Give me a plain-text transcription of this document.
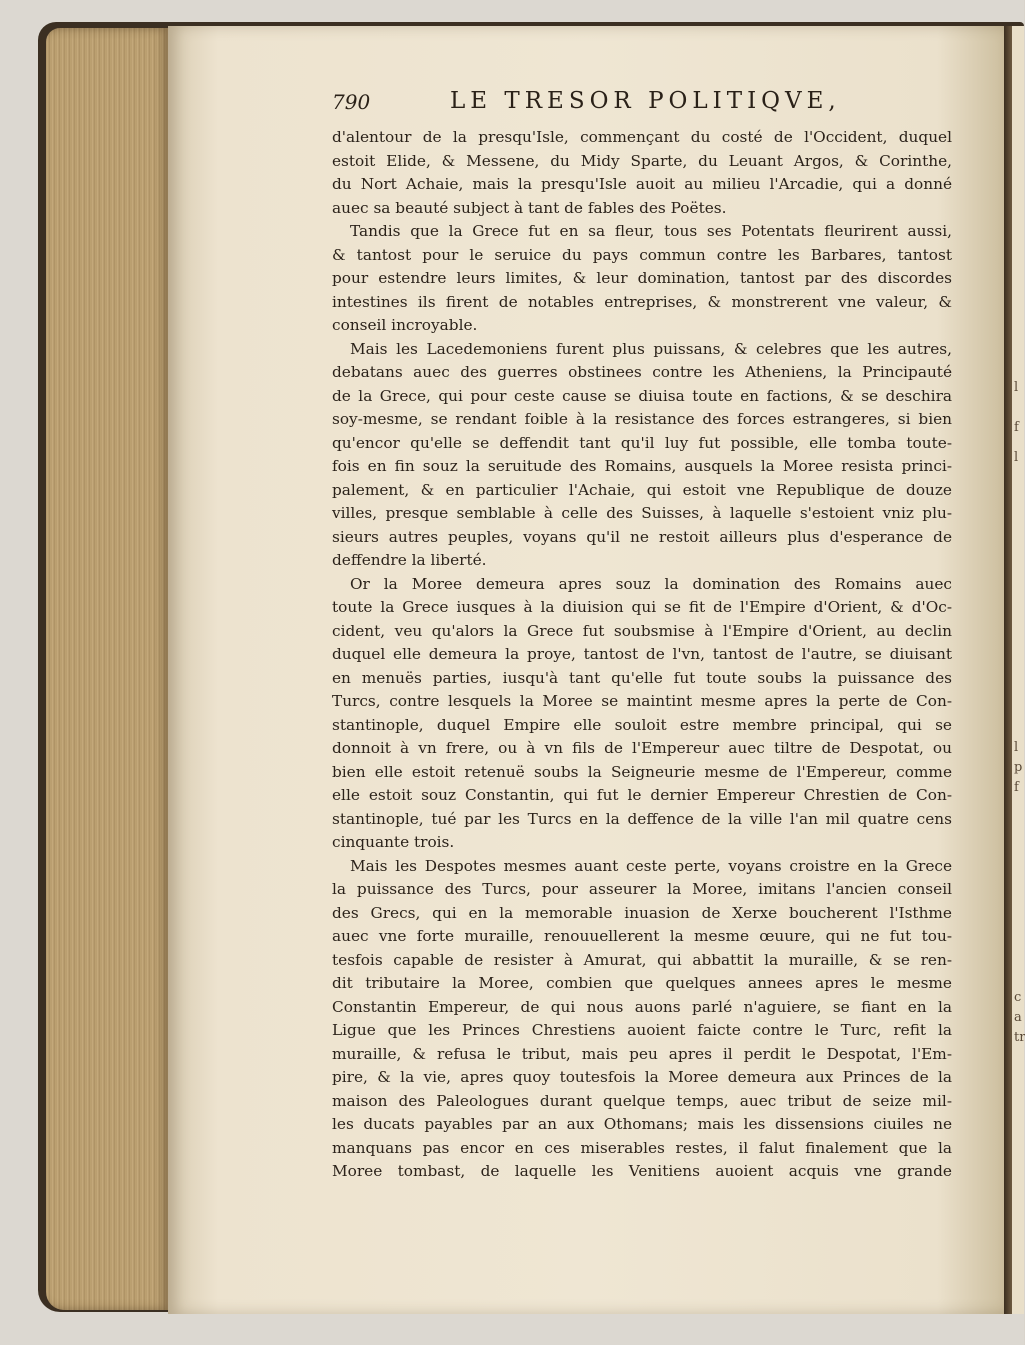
790	LE TRESOR POLITIQVE,
d'alentour de la presqu'Isle, commençant du costé de l'Occident, duquel
estoit Elide, & Messene, du Midy Sparte, du Leuant Argos, & Corinthe,
du Nort Achaie, mais la presqu'Isle auoit au milieu l'Arcadie, qui a donné
auec sa beauté subject à tant de fables des Poëtes.
Tandis que la Grece fut en sa fleur, tous ses Potentats fleurirent aussi,
& tantost pour le seruice du pays commun contre les Barbares, tantost
pour estendre leurs limites, & leur domination, tantost par des discordes
intestines ils firent de notables entreprises, & monstrerent vne valeur, &
conseil incroyable.
Mais les Lacedemoniens furent plus puissans, & celebres que les autres,
debatans auec des guerres obstinees contre les Atheniens, la Principauté
de la Grece, qui pour ceste cause se diuisa toute en factions, & se deschira
soy-mesme, se rendant foible à la resistance des forces estrangeres, si bien
qu'encor qu'elle se deffendit tant qu'il luy fut possible, elle tomba toute-
fois en fin souz la seruitude des Romains, ausquels la Moree resista princi-
palement, & en particulier l'Achaie, qui estoit vne Republique de douze
villes, presque semblable à celle des Suisses, à laquelle s'estoient vniz plu-
sieurs autres peuples, voyans qu'il ne restoit ailleurs plus d'esperance de
deffendre la liberté.
Or la Moree demeura apres souz la domination des Romains auec
toute la Grece iusques à la diuision qui se fit de l'Empire d'Orient, & d'Oc-
cident, veu qu'alors la Grece fut soubsmise à l'Empire d'Orient, au declin
duquel elle demeura la proye, tantost de l'vn, tantost de l'autre, se diuisant
en menuës parties, iusqu'à tant qu'elle fut toute soubs la puissance des
Turcs, contre lesquels la Moree se maintint mesme apres la perte de Con-
stantinople, duquel Empire elle souloit estre membre principal, qui se
donnoit à vn frere, ou à vn fils de l'Empereur auec tiltre de Despotat, ou
bien elle estoit retenuë soubs la Seigneurie mesme de l'Empereur, comme
elle estoit souz Constantin, qui fut le dernier Empereur Chrestien de Con-
stantinople, tué par les Turcs en la deffence de la ville l'an mil quatre cens
cinquante trois.
Mais les Despotes mesmes auant ceste perte, voyans croistre en la Grece
la puissance des Turcs, pour asseurer la Moree, imitans l'ancien conseil
des Grecs, qui en la memorable inuasion de Xerxe boucherent l'Isthme
auec vne forte muraille, renouuellerent la mesme œuure, qui ne fut tou-
tesfois capable de resister à Amurat, qui abbattit la muraille, & se ren-
dit tributaire la Moree, combien que quelques annees apres le mesme
Constantin Empereur, de qui nous auons parlé n'aguiere, se fiant en la
Ligue que les Princes Chrestiens auoient faicte contre le Turc, refit la
muraille, & refusa le tribut, mais peu apres il perdit le Despotat, l'Em-
pire, & la vie, apres quoy toutesfois la Moree demeura aux Princes de la
maison des Paleologues durant quelque temps, auec tribut de seize mil-
les ducats payables par an aux Othomans; mais les dissensions ciuiles ne
manquans pas encor en ces miserables restes, il falut finalement que la
Moree tombast, de laquelle les Venitiens auoient acquis vne grande
l
f
l
l
p
f
c
a
tr
